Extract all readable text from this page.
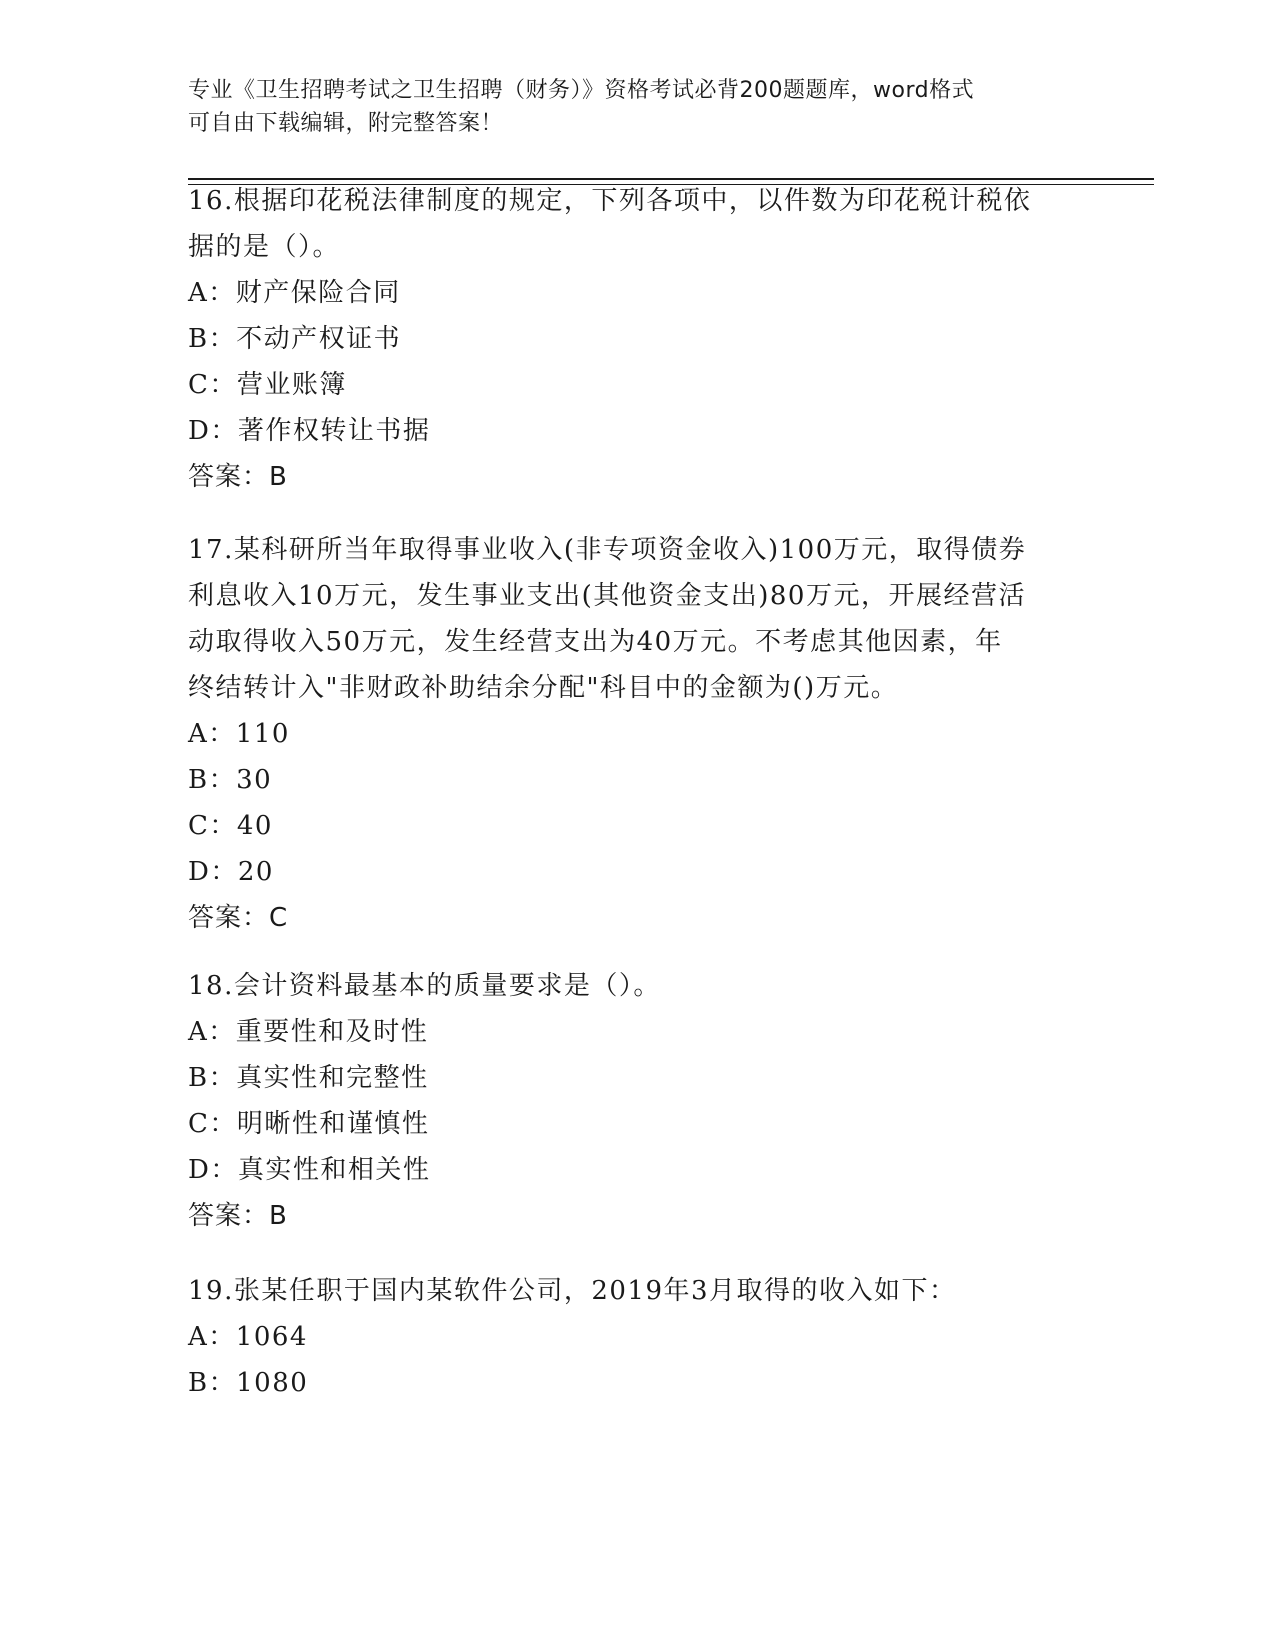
专业《卫生招聘考试之卫生招聘（财务）》资格考试必背200题题库，word格式
可自由下载编辑，附完整答案！
16.根据印花税法律制度的规定，下列各项中，以件数为印花税计税依
据的是（）。
A：财产保险合同
B：不动产权证书
C：营业账簿
D：著作权转让书据
答案：B
17.某科研所当年取得事业收入(非专项资金收入)100万元，取得债券
利息收入10万元，发生事业支出(其他资金支出)80万元，开展经营活
动取得收入50万元，发生经营支出为40万元。不考虑其他因素，年
终结转计入"非财政补助结余分配"科目中的金额为()万元。
A：110
B：30
C：40
D：20
答案：C
18.会计资料最基本的质量要求是（）。
A：重要性和及时性
B：真实性和完整性
C：明晰性和谨慎性
D：真实性和相关性
答案：B
19.张某任职于国内某软件公司，2019年3月取得的收入如下：
A：1064
B：1080
